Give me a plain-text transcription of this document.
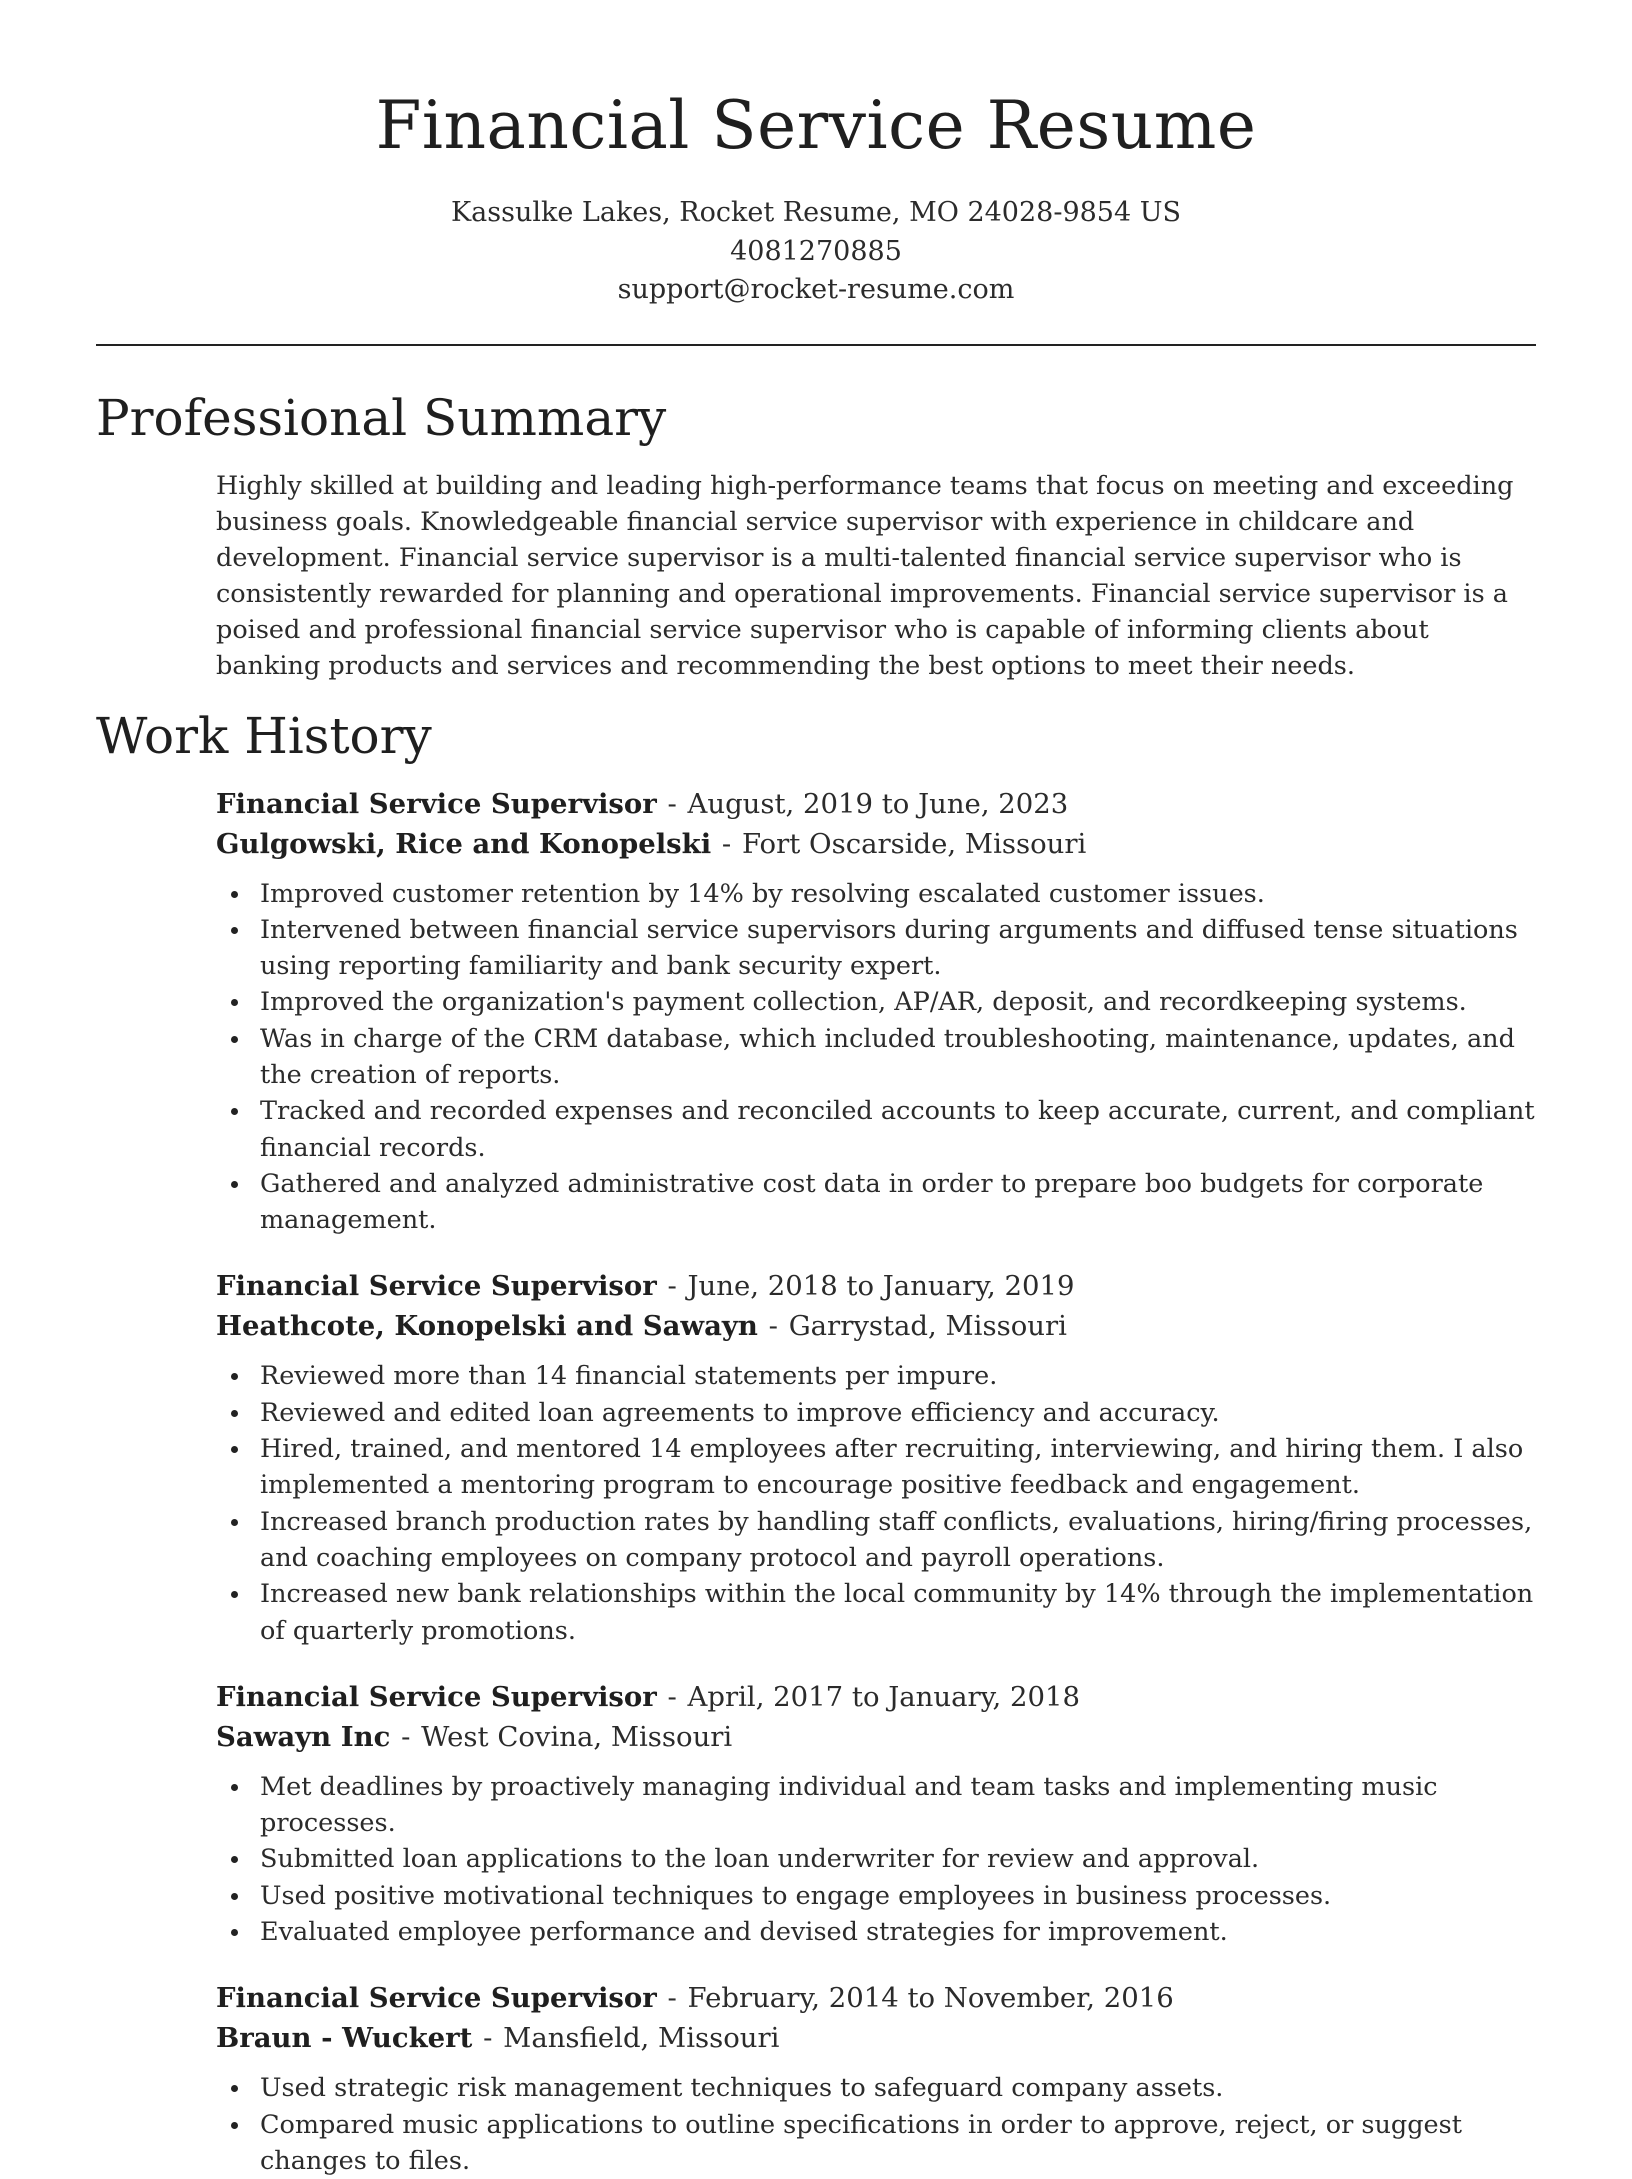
Financial Service Resume
Kassulke Lakes, Rocket Resume, MO 24028-9854 US
4081270885
support@rocket-resume.com
Professional Summary

Highly skilled at building and leading high-performance teams that focus on meeting and exceeding business goals. Knowledgeable financial service supervisor with experience in childcare and development. Financial service supervisor is a multi-talented financial service supervisor who is consistently rewarded for planning and operational improvements. Financial service supervisor is a poised and professional financial service supervisor who is capable of informing clients about banking products and services and recommending the best options to meet their needs.

Work History
Financial Service Supervisor - August, 2019 to June, 2023
Gulgowski, Rice and Konopelski - Fort Oscarside, Missouri
Improved customer retention by 14% by resolving escalated customer issues.
Intervened between financial service supervisors during arguments and diffused tense situations using reporting familiarity and bank security expert.
Improved the organization's payment collection, AP/AR, deposit, and recordkeeping systems.
Was in charge of the CRM database, which included troubleshooting, maintenance, updates, and the creation of reports.
Tracked and recorded expenses and reconciled accounts to keep accurate, current, and compliant financial records.
Gathered and analyzed administrative cost data in order to prepare boo budgets for corporate management.
Financial Service Supervisor - June, 2018 to January, 2019
Heathcote, Konopelski and Sawayn - Garrystad, Missouri
Reviewed more than 14 financial statements per impure.
Reviewed and edited loan agreements to improve efficiency and accuracy.
Hired, trained, and mentored 14 employees after recruiting, interviewing, and hiring them. I also implemented a mentoring program to encourage positive feedback and engagement.
Increased branch production rates by handling staff conflicts, evaluations, hiring/firing processes, and coaching employees on company protocol and payroll operations.
Increased new bank relationships within the local community by 14% through the implementation of quarterly promotions.
Financial Service Supervisor - April, 2017 to January, 2018
Sawayn Inc - West Covina, Missouri
Met deadlines by proactively managing individual and team tasks and implementing music processes.
Submitted loan applications to the loan underwriter for review and approval.
Used positive motivational techniques to engage employees in business processes.
Evaluated employee performance and devised strategies for improvement.
Financial Service Supervisor - February, 2014 to November, 2016
Braun - Wuckert - Mansfield, Missouri
Used strategic risk management techniques to safeguard company assets.
Compared music applications to outline specifications in order to approve, reject, or suggest changes to files.
